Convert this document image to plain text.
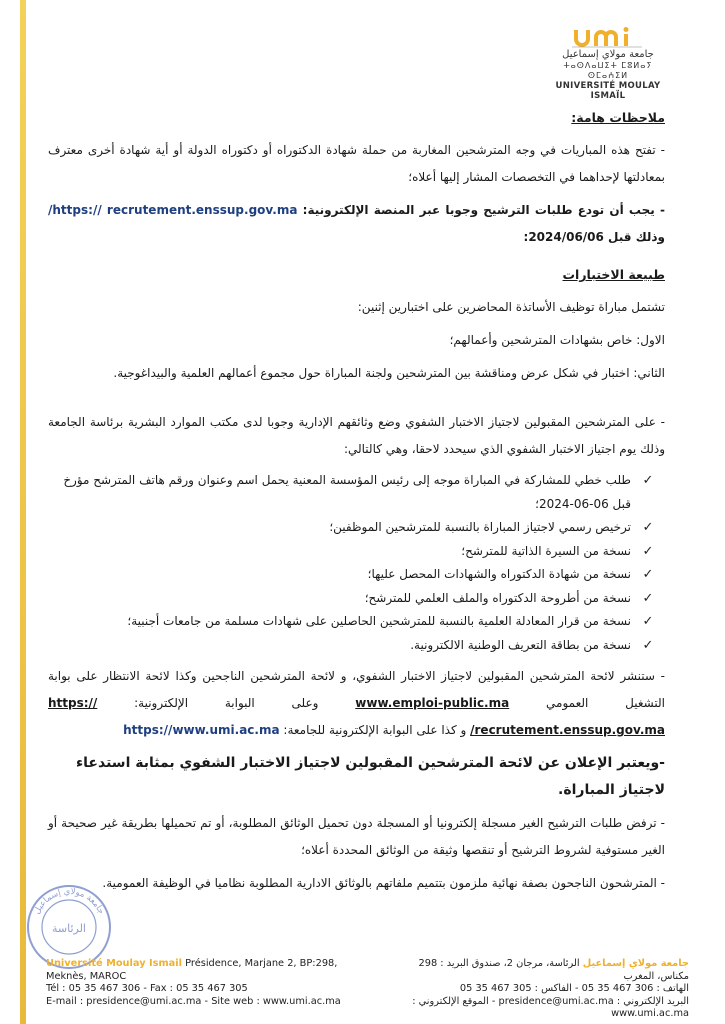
جامعة مولاي إسماعيل
ⵜⴰⵙⴷⴰⵡⵉⵜ ⵎⵓⵍⴰⵢ ⵙⵎⴰⵄⵉⵍ
UNIVERSITÉ MOULAY ISMAÏL

ملاحظات هامة:

- تفتح هذه المباريات في وجه المترشحين المغاربة من حملة شهادة الدكتوراه أو دكتوراه الدولة أو أية شهادة أخرى معترف بمعادلتها لإحداهما في التخصصات المشار إليها أعلاه؛

- يجب أن تودع طلبات الترشيح وجوبا عبر المنصة الإلكترونية: https:// recrutement.enssup.gov.ma/ وذلك قبل 2024/06/06:

طبيعة الاختبارات

تشتمل مباراة توظيف الأساتذة المحاضرين على اختبارين إثنين:

الاول: خاص بشهادات المترشحين وأعمالهم؛

الثاني: اختبار في شكل عرض ومناقشة بين المترشحين ولجنة المباراة حول مجموع أعمالهم العلمية والبيداغوجية.

- على المترشحين المقبولين لاجتياز الاختبار الشفوي وضع وثائقهم الإدارية وجوبا لدى مكتب الموارد البشرية برئاسة الجامعة وذلك يوم اجتياز الاختبار الشفوي الذي سيحدد لاحقا، وهي كالتالي:

✓
طلب خطي للمشاركة في المباراة موجه إلى رئيس المؤسسة المعنية يحمل اسم وعنوان ورقم هاتف المترشح مؤرخ قبل 06-06-2024؛
✓
ترخيص رسمي لاجتياز المباراة بالنسبة للمترشحين الموظفين؛
✓
نسخة من السيرة الذاتية للمترشح؛
✓
نسخة من شهادة الدكتوراه والشهادات المحصل عليها؛
✓
نسخة من أطروحة الدكتوراه والملف العلمي للمترشح؛
✓
نسخة من قرار المعادلة العلمية بالنسبة للمترشحين الحاصلين على شهادات مسلمة من جامعات أجنبية؛
✓
نسخة من بطاقة التعريف الوطنية الالكترونية.

- ستنشر لائحة المترشحين المقبولين لاجتياز الاختبار الشفوي، و لائحة المترشحين الناجحين وكذا لائحة الانتظار على بوابة التشغيل العمومي www.emploi-public.ma وعلى البوابة الإلكترونية: https:// recrutement.enssup.gov.ma/ و كذا على البوابة الإلكترونية للجامعة: https://www.umi.ac.ma

-ويعتبر الإعلان عن لائحة المترشحين المقبولين لاجتياز الاختبار الشفوي بمثابة استدعاء لاجتياز المباراة.

- ترفض طلبات الترشيح الغير مسجلة إلكترونيا أو المسجلة دون تحميل الوثائق المطلوبة، أو تم تحميلها بطريقة غير صحيحة أو الغير مستوفية لشروط الترشيح أو تنقصها وثيقة من الوثائق المحددة أعلاه؛

- المترشحون الناجحون بصفة نهائية ملزمون بتتميم ملفاتهم بالوثائق الادارية المطلوبة نظاميا في الوظيفة العمومية.

جامعة مولاي إسماعيل
الرئاسة
Université Moulay Ismail Présidence, Marjane 2, BP:298,
Meknès, MAROC
Tél : 05 35 467 306 - Fax : 05 35 467 305
E-mail : presidence@umi.ac.ma - Site web : www.umi.ac.ma
جامعة مولاي إسماعيل الرئاسة، مرجان 2، صندوق البريد : 298
مكناس، المغرب
الهاتف : 306 467 35 05 - الفاكس : 305 467 35 05
البريد الإلكتروني : presidence@umi.ac.ma - الموقع الإلكتروني : www.umi.ac.ma
